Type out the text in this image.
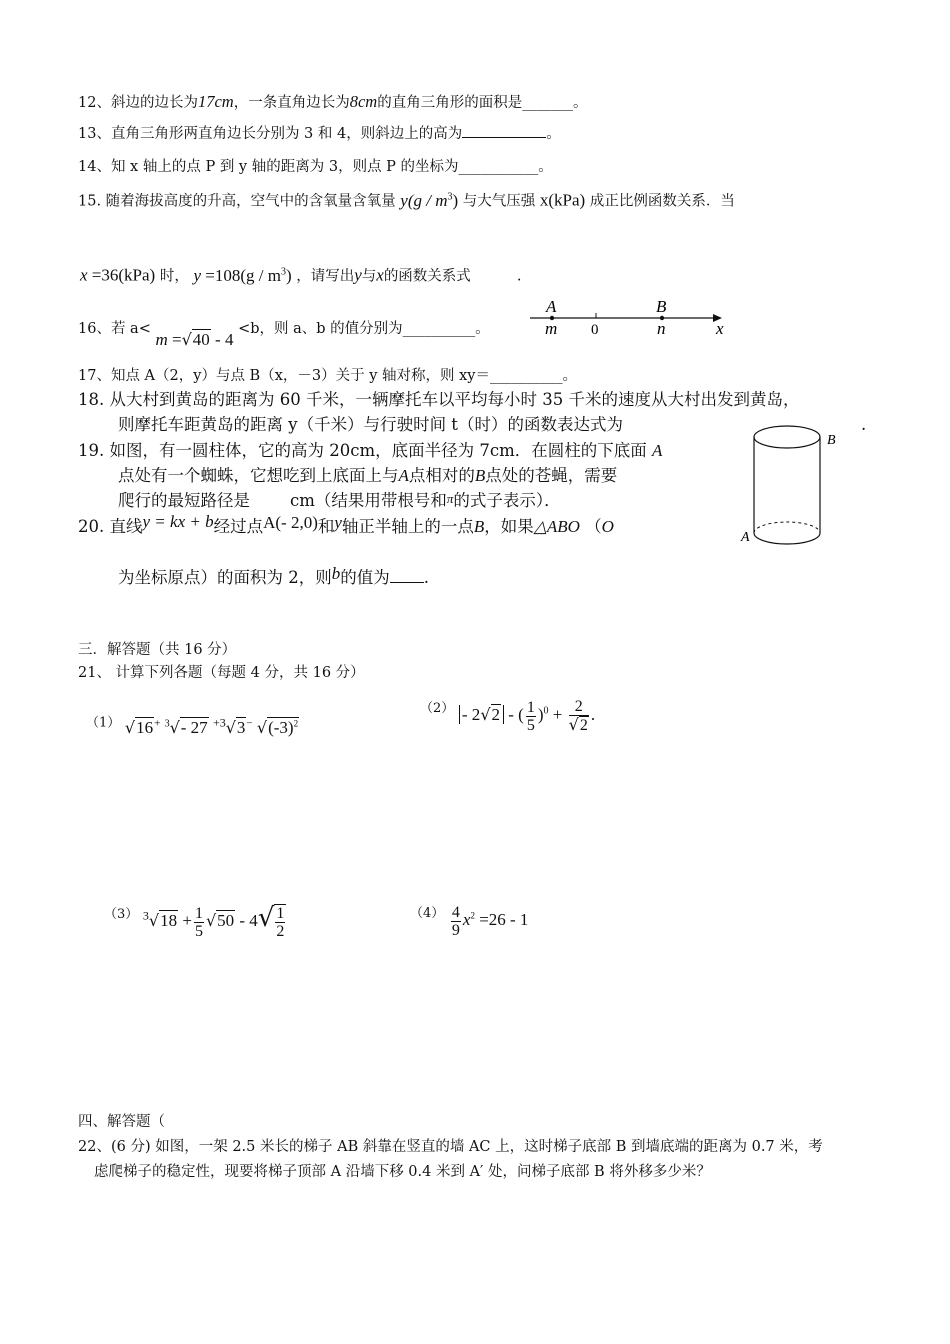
12、斜边的边长为17cm，一条直角边长为8cm的直角三角形的面积是_______。
13、直角三角形两直角边长分别为 3 和 4，则斜边上的高为	。
14、知 x 轴上的点 P 到 y 轴的距离为 3，则点 P 的坐标为___________。
15. 随着海拔高度的升高，空气中的含氧量含氧量 $y(g / m^3)$ 与大气压强 x(kPa) 成正比例函数关系．当
x =36(kPa) 时， $y =108(g / m^3)$ ，请写出y与x的函数关系式	.
16、若 a< m =√40 - 4 <b，则 a、b 的值分别为__________。
A	B
m 0	n	x
17、知点 A（2，y）与点 B（x，－3）关于 y 轴对称，则 xy＝__________。
18. 从大村到黄岛的距离为 60 千米，一辆摩托车以平均每小时 35 千米的速度从大村出发到黄岛，
则摩托车距黄岛的距离 y（千米）与行驶时间 t（时）的函数表达式为	.
19. 如图，有一圆柱体，它的高为 20cm，底面半径为 7cm．在圆柱的下底面 A
点处有一个蜘蛛，它想吃到上底面上与A点相对的B点处的苍蝇，需要
爬行的最短路径是 cm（结果用带根号和π的式子表示）．
B
A
20. 直线y = kx + b经过点A(- 2,0)和y轴正半轴上的一点B，如果△ABO （O
为坐标原点）的面积为 2，则b的值为 .
三．解答题（共 16 分）
21、 计算下列各题（每题 4 分，共 16 分）
（1） √16+ $^3$√- 27 $^{+3}$√3− $√(-3)^2$
（2） - 2√2 - ( $\frac{1}{5} )^0 + \frac{2}{√2}$ .
（3） $^3√18 + \frac{1}{5} √50 - 4√ \frac{1}{2}$	$(4) \frac{4}{9} x^2 =26 - 1$
四、解答题（
22、(6 分) 如图，一架 2.5 米长的梯子 AB 斜靠在竖直的墙 AC 上，这时梯子底部 B 到墙底端的距离为 0.7 米，考
虑爬梯子的稳定性，现要将梯子顶部 A 沿墙下移 0.4 米到 A′ 处，问梯子底部 B 将外移多少米？
